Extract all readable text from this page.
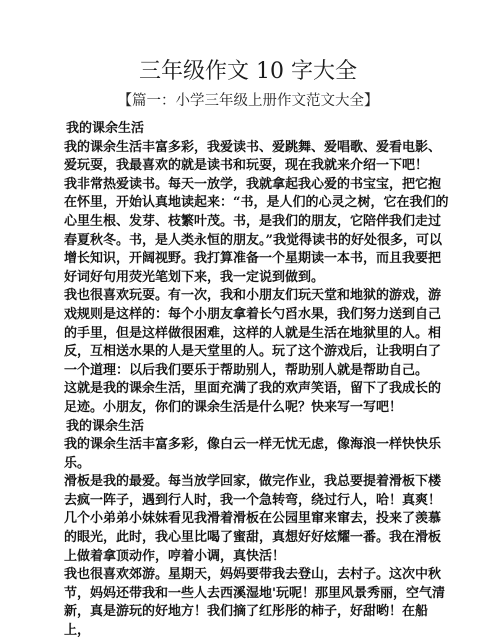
三年级作文 10 字大全
【篇一：小学三年级上册作文范文大全】

我的课余生活

我的课余生活丰富多彩，我爱读书、爱跳舞、爱唱歌、爱看电影、爱玩耍，我最喜欢的就是读书和玩耍，现在我就来介绍一下吧！

我非常热爱读书。每天一放学，我就拿起我心爱的书宝宝，把它抱在怀里，开始认真地读起来：“书，是人们的心灵之树，它在我们的心里生根、发芽、枝繁叶茂。书，是我们的朋友，它陪伴我们走过春夏秋冬。书，是人类永恒的朋友。”我觉得读书的好处很多，可以增长知识，开阔视野。我打算准备一个星期读一本书，而且我要把好词好句用荧光笔划下来，我一定说到做到。

我也很喜欢玩耍。有一次，我和小朋友们玩天堂和地狱的游戏，游戏规则是这样的：每个小朋友拿着长勺舀水果，我们努力送到自己的手里，但是这样做很困难，这样的人就是生活在地狱里的人。相反，互相送水果的人是天堂里的人。玩了这个游戏后，让我明白了一个道理：以后我们要乐于帮助别人，帮助别人就是帮助自己。

这就是我的课余生活，里面充满了我的欢声笑语，留下了我成长的足迹。小朋友，你们的课余生活是什么呢？快来写一写吧！

我的课余生活

我的课余生活丰富多彩，像白云一样无忧无虑，像海浪一样快快乐乐。

滑板是我的最爱。每当放学回家，做完作业，我总要提着滑板下楼去疯一阵子，遇到行人时，我一个急转弯，绕过行人，哈！真爽！几个小弟弟小妹妹看见我滑着滑板在公园里窜来窜去，投来了羡慕的眼光，此时，我心里比喝了蜜甜，真想好好炫耀一番。我在滑板上做着拿顶动作，哼着小调，真快活！

我也很喜欢郊游。星期天，妈妈要带我去登山，去村子。这次中秋节，妈妈还带我和一些人去西溪湿地'玩呢！那里风景秀丽，空气清新，真是游玩的好地方！我们摘了红彤彤的柿子，好甜哟！在船上，
